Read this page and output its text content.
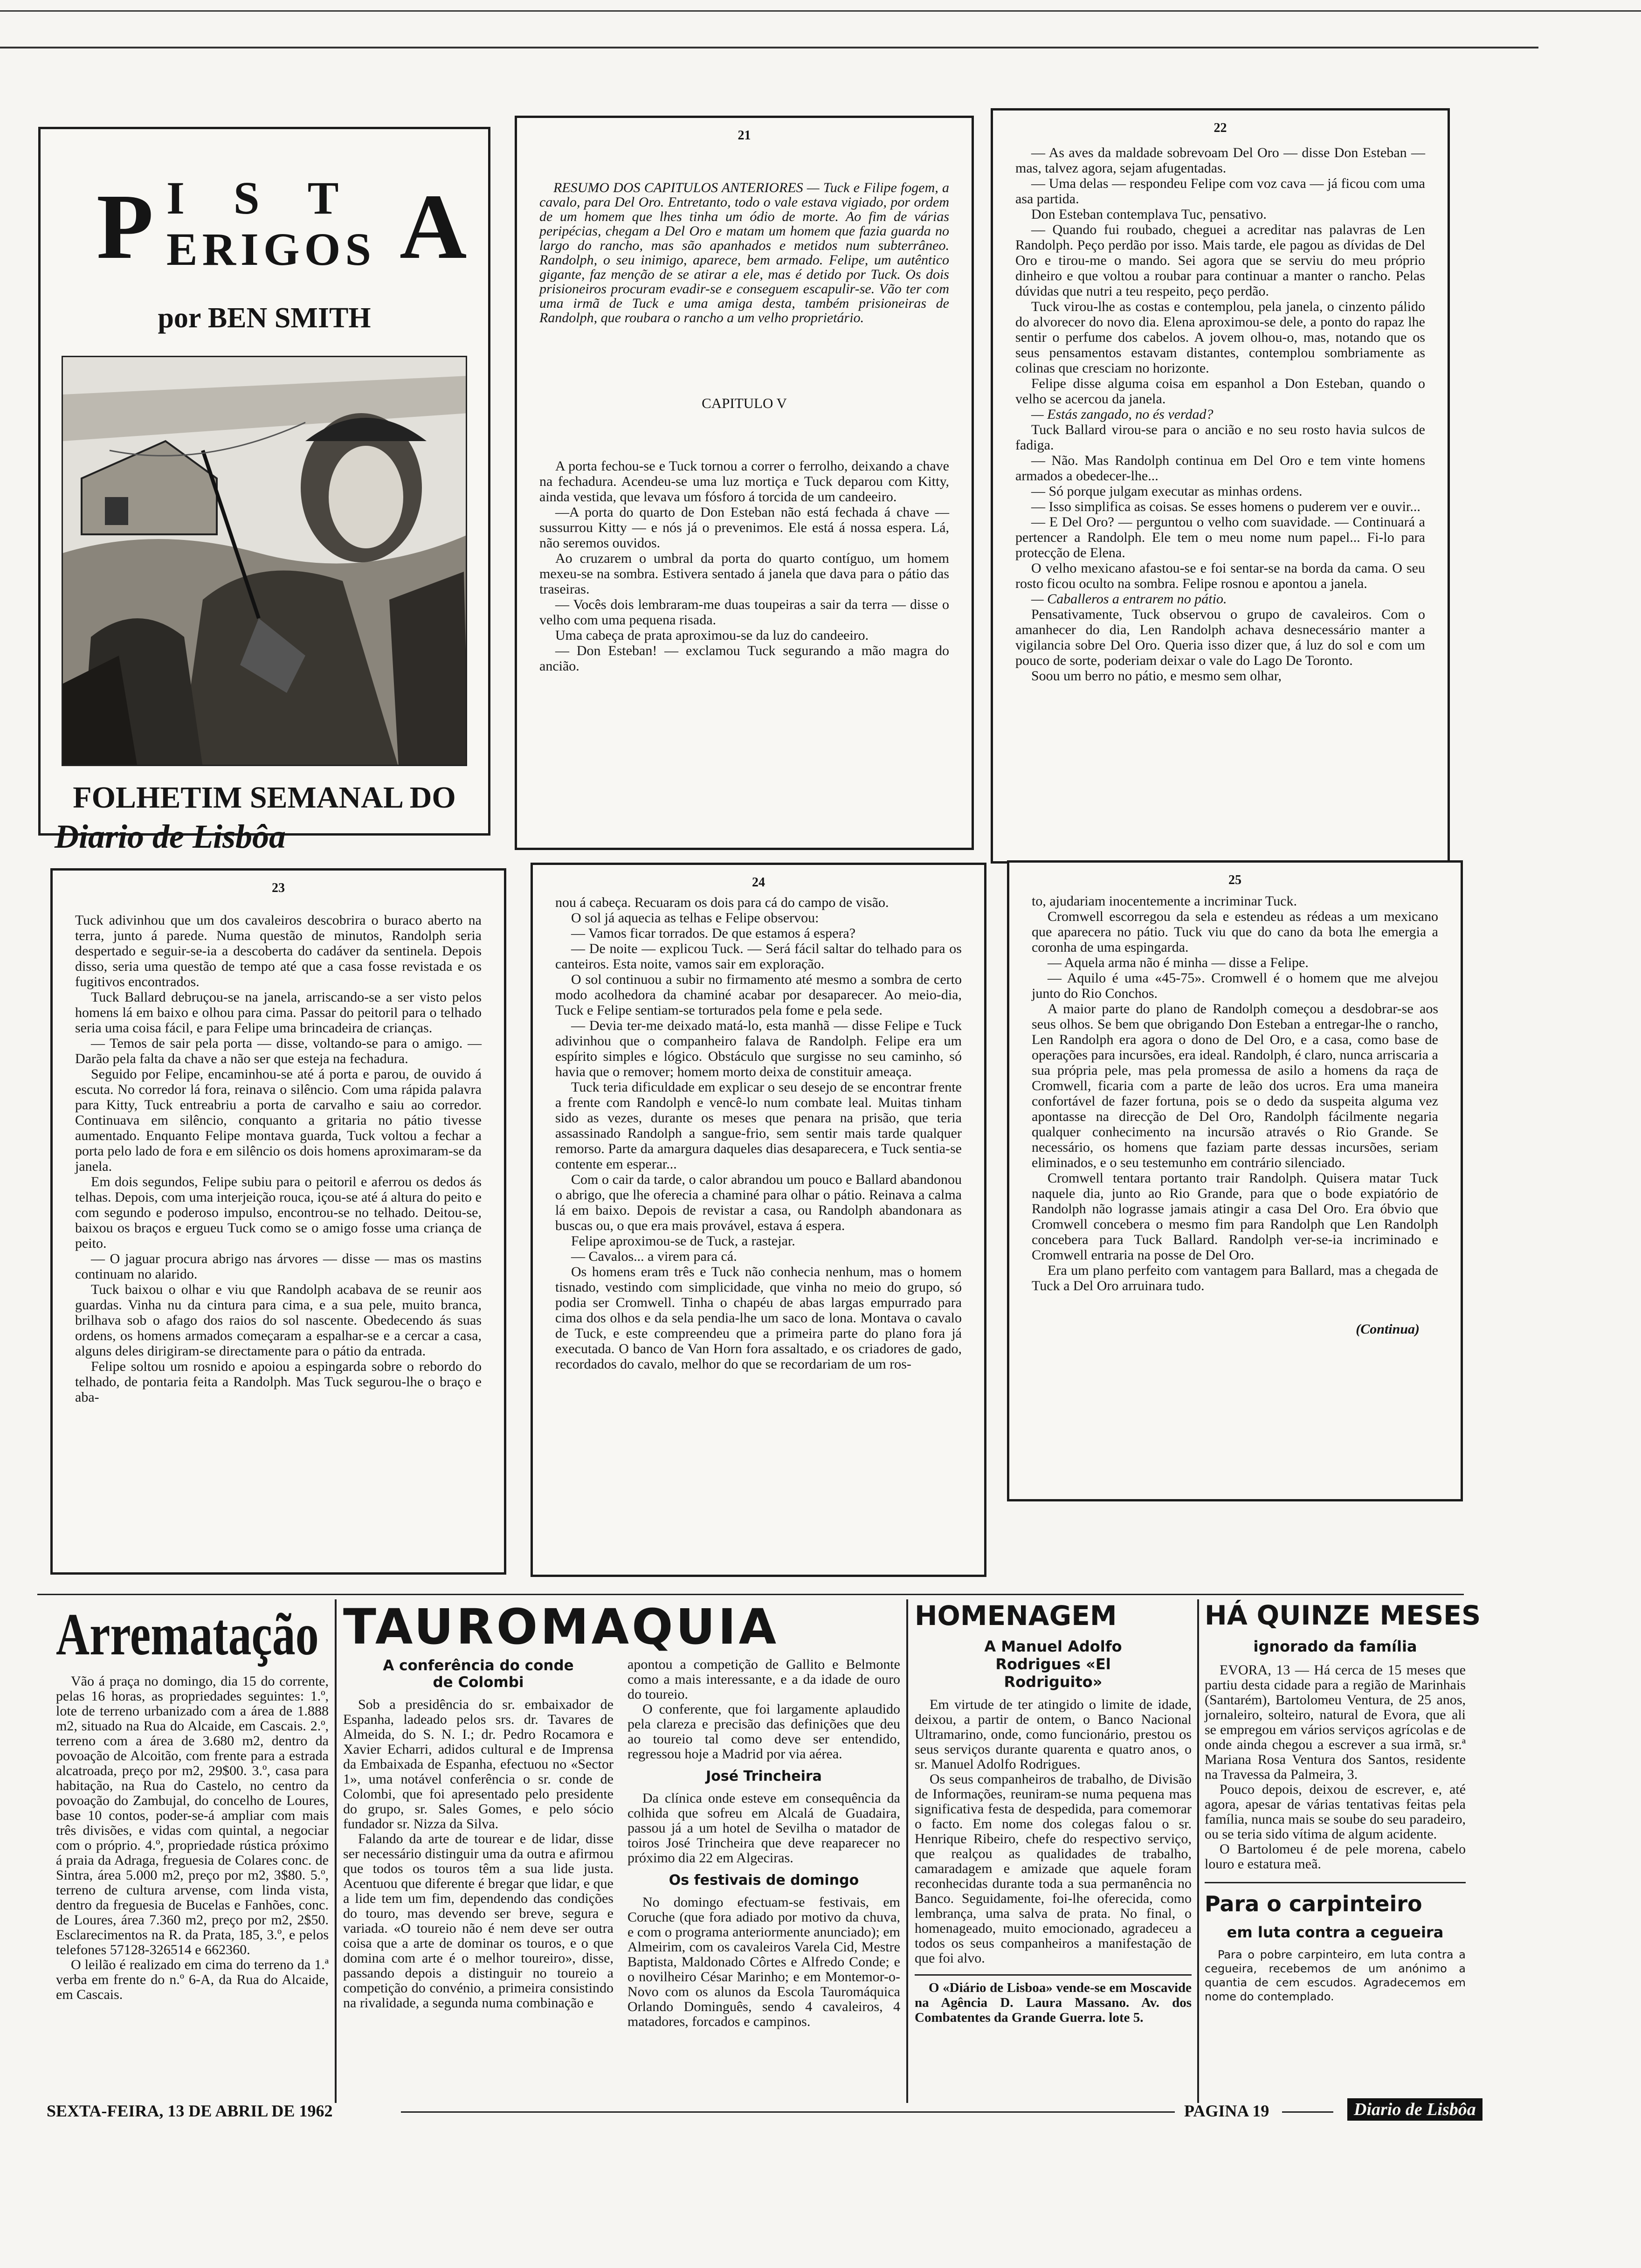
P I S T
ERIGOS A
por BEN SMITH
FOLHETIM SEMANAL DO
Diario de Lisbôa
21

RESUMO DOS CAPITULOS ANTERIORES — Tuck e Filipe fogem, a cavalo, para Del Oro. Entretanto, todo o vale estava vigiado, por ordem de um homem que lhes tinha um ódio de morte. Ao fim de várias peripécias, chegam a Del Oro e matam um homem que fazia guarda no largo do rancho, mas são apanhados e metidos num subterrâneo. Randolph, o seu inimigo, aparece, bem armado. Felipe, um autêntico gigante, faz menção de se atirar a ele, mas é detido por Tuck. Os dois prisioneiros procuram evadir-se e conseguem escapulir-se. Vão ter com uma irmã de Tuck e uma amiga desta, também prisioneiras de Randolph, que roubara o rancho a um velho proprietário.

CAPITULO V

A porta fechou-se e Tuck tornou a correr o ferrolho, deixando a chave na fechadura. Acendeu-se uma luz mortiça e Tuck deparou com Kitty, ainda vestida, que levava um fósforo á torcida de um candeeiro.

—A porta do quarto de Don Esteban não está fechada á chave — sussurrou Kitty — e nós já o prevenimos. Ele está á nossa espera. Lá, não seremos ouvidos.

Ao cruzarem o umbral da porta do quarto contíguo, um homem mexeu-se na sombra. Estivera sentado á janela que dava para o pátio das traseiras.

— Vocês dois lembraram-me duas toupeiras a sair da terra — disse o velho com uma pequena risada.

Uma cabeça de prata aproximou-se da luz do candeeiro.

— Don Esteban! — exclamou Tuck segurando a mão magra do ancião.

22

— As aves da maldade sobrevoam Del Oro — disse Don Esteban — mas, talvez agora, sejam afugentadas.

— Uma delas — respondeu Felipe com voz cava — já ficou com uma asa partida.

Don Esteban contemplava Tuc, pensativo.

— Quando fui roubado, cheguei a acreditar nas palavras de Len Randolph. Peço perdão por isso. Mais tarde, ele pagou as dívidas de Del Oro e tirou-me o mando. Sei agora que se serviu do meu próprio dinheiro e que voltou a roubar para continuar a manter o rancho. Pelas dúvidas que nutri a teu respeito, peço perdão.

Tuck virou-lhe as costas e contemplou, pela janela, o cinzento pálido do alvorecer do novo dia. Elena aproximou-se dele, a ponto do rapaz lhe sentir o perfume dos cabelos. A jovem olhou-o, mas, notando que os seus pensamentos estavam distantes, contemplou sombriamente as colinas que cresciam no horizonte.

Felipe disse alguma coisa em espanhol a Don Esteban, quando o velho se acercou da janela.

— Estás zangado, no és verdad?

Tuck Ballard virou-se para o ancião e no seu rosto havia sulcos de fadiga.

— Não. Mas Randolph continua em Del Oro e tem vinte homens armados a obedecer-lhe...

— Só porque julgam executar as minhas ordens.

— Isso simplifica as coisas. Se esses homens o puderem ver e ouvir...

— E Del Oro? — perguntou o velho com suavidade. — Continuará a pertencer a Randolph. Ele tem o meu nome num papel... Fi-lo para protecção de Elena.

O velho mexicano afastou-se e foi sentar-se na borda da cama. O seu rosto ficou oculto na sombra. Felipe rosnou e apontou a janela.

— Caballeros a entrarem no pátio.

Pensativamente, Tuck observou o grupo de cavaleiros. Com o amanhecer do dia, Len Randolph achava desnecessário manter a vigilancia sobre Del Oro. Queria isso dizer que, á luz do sol e com um pouco de sorte, poderiam deixar o vale do Lago De Toronto.

Soou um berro no pátio, e mesmo sem olhar,

23

Tuck adivinhou que um dos cavaleiros descobrira o buraco aberto na terra, junto á parede. Numa questão de minutos, Randolph seria despertado e seguir-se-ia a descoberta do cadáver da sentinela. Depois disso, seria uma questão de tempo até que a casa fosse revistada e os fugitivos encontrados.

Tuck Ballard debruçou-se na janela, arriscando-se a ser visto pelos homens lá em baixo e olhou para cima. Passar do peitoril para o telhado seria uma coisa fácil, e para Felipe uma brincadeira de crianças.

— Temos de sair pela porta — disse, voltando-se para o amigo. — Darão pela falta da chave a não ser que esteja na fechadura.

Seguido por Felipe, encaminhou-se até á porta e parou, de ouvido á escuta. No corredor lá fora, reinava o silêncio. Com uma rápida palavra para Kitty, Tuck entreabriu a porta de carvalho e saiu ao corredor. Continuava em silêncio, conquanto a gritaria no pátio tivesse aumentado. Enquanto Felipe montava guarda, Tuck voltou a fechar a porta pelo lado de fora e em silêncio os dois homens aproximaram-se da janela.

Em dois segundos, Felipe subiu para o peitoril e aferrou os dedos ás telhas. Depois, com uma interjeição rouca, içou-se até á altura do peito e com segundo e poderoso impulso, encontrou-se no telhado. Deitou-se, baixou os braços e ergueu Tuck como se o amigo fosse uma criança de peito.

— O jaguar procura abrigo nas árvores — disse — mas os mastins continuam no alarido.

Tuck baixou o olhar e viu que Randolph acabava de se reunir aos guardas. Vinha nu da cintura para cima, e a sua pele, muito branca, brilhava sob o afago dos raios do sol nascente. Obedecendo ás suas ordens, os homens armados começaram a espalhar-se e a cercar a casa, alguns deles dirigiram-se directamente para o pátio da entrada.

Felipe soltou um rosnido e apoiou a espingarda sobre o rebordo do telhado, de pontaria feita a Randolph. Mas Tuck segurou-lhe o braço e aba-

24

nou á cabeça. Recuaram os dois para cá do campo de visão.

O sol já aquecia as telhas e Felipe observou:

— Vamos ficar torrados. De que estamos á espera?

— De noite — explicou Tuck. — Será fácil saltar do telhado para os canteiros. Esta noite, vamos sair em exploração.

O sol continuou a subir no firmamento até mesmo a sombra de certo modo acolhedora da chaminé acabar por desaparecer. Ao meio-dia, Tuck e Felipe sentiam-se torturados pela fome e pela sede.

— Devia ter-me deixado matá-lo, esta manhã — disse Felipe e Tuck adivinhou que o companheiro falava de Randolph. Felipe era um espírito simples e lógico. Obstáculo que surgisse no seu caminho, só havia que o remover; homem morto deixa de constituir ameaça.

Tuck teria dificuldade em explicar o seu desejo de se encontrar frente a frente com Randolph e vencê-lo num combate leal. Muitas tinham sido as vezes, durante os meses que penara na prisão, que teria assassinado Randolph a sangue-frio, sem sentir mais tarde qualquer remorso. Parte da amargura daqueles dias desaparecera, e Tuck sentia-se contente em esperar...

Com o cair da tarde, o calor abrandou um pouco e Ballard abandonou o abrigo, que lhe oferecia a chaminé para olhar o pátio. Reinava a calma lá em baixo. Depois de revistar a casa, ou Randolph abandonara as buscas ou, o que era mais provável, estava á espera.

Felipe aproximou-se de Tuck, a rastejar.

— Cavalos... a virem para cá.

Os homens eram três e Tuck não conhecia nenhum, mas o homem tisnado, vestindo com simplicidade, que vinha no meio do grupo, só podia ser Cromwell. Tinha o chapéu de abas largas empurrado para cima dos olhos e da sela pendia-lhe um saco de lona. Montava o cavalo de Tuck, e este compreendeu que a primeira parte do plano fora já executada. O banco de Van Horn fora assaltado, e os criadores de gado, recordados do cavalo, melhor do que se recordariam de um ros-

25

to, ajudariam inocentemente a incriminar Tuck.

Cromwell escorregou da sela e estendeu as rédeas a um mexicano que aparecera no pátio. Tuck viu que do cano da bota lhe emergia a coronha de uma espingarda.

— Aquela arma não é minha — disse a Felipe.

— Aquilo é uma «45-75». Cromwell é o homem que me alvejou junto do Rio Conchos.

A maior parte do plano de Randolph começou a desdobrar-se aos seus olhos. Se bem que obrigando Don Esteban a entregar-lhe o rancho, Len Randolph era agora o dono de Del Oro, e a casa, como base de operações para incursões, era ideal. Randolph, é claro, nunca arriscaria a sua própria pele, mas pela promessa de asilo a homens da raça de Cromwell, ficaria com a parte de leão dos ucros. Era uma maneira confortável de fazer fortuna, pois se o dedo da suspeita alguma vez apontasse na direcção de Del Oro, Randolph fácilmente negaria qualquer conhecimento na incursão através o Rio Grande. Se necessário, os homens que faziam parte dessas incursões, seriam eliminados, e o seu testemunho em contrário silenciado.

Cromwell tentara portanto trair Randolph. Quisera matar Tuck naquele dia, junto ao Rio Grande, para que o bode expiatório de Randolph não lograsse jamais atingir a casa Del Oro. Era óbvio que Cromwell concebera o mesmo fim para Randolph que Len Randolph concebera para Tuck Ballard. Randolph ver-se-ia incriminado e Cromwell entraria na posse de Del Oro.

Era um plano perfeito com vantagem para Ballard, mas a chegada de Tuck a Del Oro arruinara tudo.

(Continua)
Arrematação

Vão á praça no domingo, dia 15 do corrente, pelas 16 horas, as propriedades seguintes: 1.º, lote de terreno urbanizado com a área de 1.888 m2, situado na Rua do Alcaide, em Cascais. 2.º, terreno com a área de 3.680 m2, dentro da povoação de Alcoitão, com frente para a estrada alcatroada, preço por m2, 29$00. 3.º, casa para habitação, na Rua do Castelo, no centro da povoação do Zambujal, do concelho de Loures, base 10 contos, poder-se-á ampliar com mais três divisões, e vidas com quintal, a negociar com o próprio. 4.º, propriedade rústica próximo á praia da Adraga, freguesia de Colares conc. de Sintra, área 5.000 m2, preço por m2, 3$80. 5.º, terreno de cultura arvense, com linda vista, dentro da freguesia de Bucelas e Fanhões, conc. de Loures, área 7.360 m2, preço por m2, 2$50. Esclarecimentos na R. da Prata, 185, 3.º, e pelos telefones 57128-326514 e 662360.

O leilão é realizado em cima do terreno da 1.ª verba em frente do n.º 6-A, da Rua do Alcaide, em Cascais.

TAUROMAQUIA
A conferência do conde de Colombi

Sob a presidência do sr. embaixador de Espanha, ladeado pelos srs. dr. Tavares de Almeida, do S. N. I.; dr. Pedro Rocamora e Xavier Echarri, adidos cultural e de Imprensa da Embaixada de Espanha, efectuou no «Sector 1», uma notável conferência o sr. conde de Colombi, que foi apresentado pelo presidente do grupo, sr. Sales Gomes, e pelo sócio fundador sr. Nizza da Silva.

Falando da arte de tourear e de lidar, disse ser necessário distinguir uma da outra e afirmou que todos os touros têm a sua lide justa. Acentuou que diferente é bregar que lidar, e que a lide tem um fim, dependendo das condições do touro, mas devendo ser breve, segura e variada. «O toureio não é nem deve ser outra coisa que a arte de dominar os touros, e o que domina com arte é o melhor toureiro», disse, passando depois a distinguir no toureio a competição do convénio, a primeira consistindo na rivalidade, a segunda numa combinação e

apontou a competição de Gallito e Belmonte como a mais interessante, e a da idade de ouro do toureio.

O conferente, que foi largamente aplaudido pela clareza e precisão das definições que deu ao toureio tal como deve ser entendido, regressou hoje a Madrid por via aérea.

José Trincheira

Da clínica onde esteve em consequência da colhida que sofreu em Alcalá de Guadaira, passou já a um hotel de Sevilha o matador de toiros José Trincheira que deve reaparecer no próximo dia 22 em Algeciras.

Os festivais de domingo

No domingo efectuam-se festivais, em Coruche (que fora adiado por motivo da chuva, e com o programa anteriormente anunciado); em Almeirim, com os cavaleiros Varela Cid, Mestre Baptista, Maldonado Côrtes e Alfredo Conde; e o novilheiro César Marinho; e em Montemor-o-Novo com os alunos da Escola Tauromáquica Orlando Dominguês, sendo 4 cavaleiros, 4 matadores, forcados e campinos.

HOMENAGEM
A Manuel Adolfo Rodrigues «El Rodriguito»

Em virtude de ter atingido o limite de idade, deixou, a partir de ontem, o Banco Nacional Ultramarino, onde, como funcionário, prestou os seus serviços durante quarenta e quatro anos, o sr. Manuel Adolfo Rodrigues.

Os seus companheiros de trabalho, de Divisão de Informações, reuniram-se numa pequena mas significativa festa de despedida, para comemorar o facto. Em nome dos colegas falou o sr. Henrique Ribeiro, chefe do respectivo serviço, que realçou as qualidades de trabalho, camaradagem e amizade que aquele foram reconhecidas durante toda a sua permanência no Banco. Seguidamente, foi-lhe oferecida, como lembrança, uma salva de prata. No final, o homenageado, muito emocionado, agradeceu a todos os seus companheiros a manifestação de que foi alvo.

O «Diário de Lisboa» vende-se em Moscavide na Agência D. Laura Massano. Av. dos Combatentes da Grande Guerra. lote 5.

HÁ QUINZE MESES
ignorado da família

EVORA, 13 — Há cerca de 15 meses que partiu desta cidade para a região de Marinhais (Santarém), Bartolomeu Ventura, de 25 anos, jornaleiro, solteiro, natural de Evora, que ali se empregou em vários serviços agrícolas e de onde ainda chegou a escrever a sua irmã, sr.ª Mariana Rosa Ventura dos Santos, residente na Travessa da Palmeira, 3.

Pouco depois, deixou de escrever, e, até agora, apesar de várias tentativas feitas pela família, nunca mais se soube do seu paradeiro, ou se teria sido vítima de algum acidente.

O Bartolomeu é de pele morena, cabelo louro e estatura meã.

Para o carpinteiro
em luta contra a cegueira

Para o pobre carpinteiro, em luta contra a cegueira, recebemos de um anónimo a quantia de cem escudos. Agradecemos em nome do contemplado.

SEXTA-FEIRA, 13 DE ABRIL DE 1962	PAGINA 19	Diario de Lisbôa
